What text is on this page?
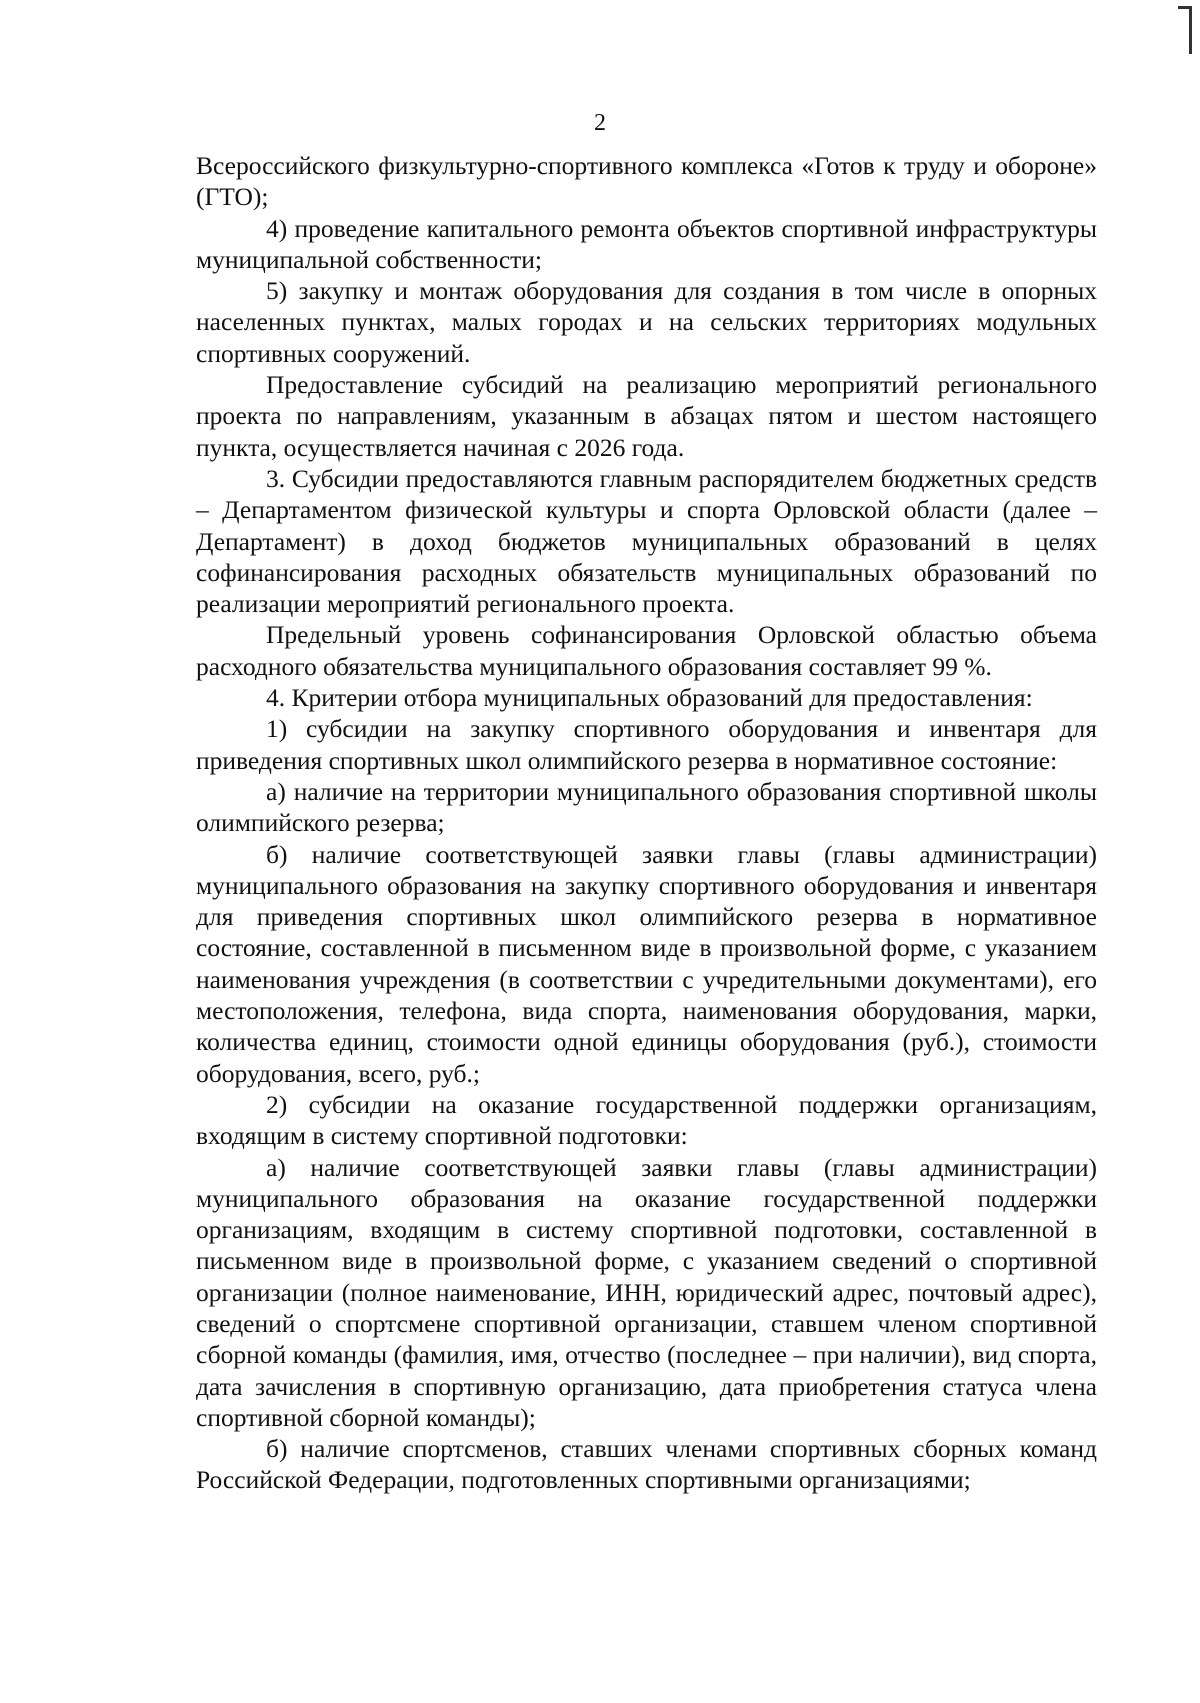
2

Всероссийского физкультурно-спортивного комплекса «Готов к труду и обороне» (ГТО);

4) проведение капитального ремонта объектов спортивной инфраструктуры муниципальной собственности;

5) закупку и монтаж оборудования для создания в том числе в опорных населенных пунктах, малых городах и на сельских территориях модульных спортивных сооружений.

Предоставление субсидий на реализацию мероприятий регионального проекта по направлениям, указанным в абзацах пятом и шестом настоящего пункта, осуществляется начиная с 2026 года.

3. Субсидии предоставляются главным распорядителем бюджетных средств – Департаментом физической культуры и спорта Орловской области (далее – Департамент) в доход бюджетов муниципальных образований в целях софинансирования расходных обязательств муниципальных образований по реализации мероприятий регионального проекта.

Предельный уровень софинансирования Орловской областью объема расходного обязательства муниципального образования составляет 99 %.

4. Критерии отбора муниципальных образований для предоставления:

1) субсидии на закупку спортивного оборудования и инвентаря для приведения спортивных школ олимпийского резерва в нормативное состояние:

а) наличие на территории муниципального образования спортивной школы олимпийского резерва;

б) наличие соответствующей заявки главы (главы администрации) муниципального образования на закупку спортивного оборудования и инвентаря для приведения спортивных школ олимпийского резерва в нормативное состояние, составленной в письменном виде в произвольной форме, с указанием наименования учреждения (в соответствии с учредительными документами), его местоположения, телефона, вида спорта, наименования оборудования, марки, количества единиц, стоимости одной единицы оборудования (руб.), стоимости оборудования, всего, руб.;

2) субсидии на оказание государственной поддержки организациям, входящим в систему спортивной подготовки:

а) наличие соответствующей заявки главы (главы администрации) муниципального образования на оказание государственной поддержки организациям, входящим в систему спортивной подготовки, составленной в письменном виде в произвольной форме, с указанием сведений о спортивной организации (полное наименование, ИНН, юридический адрес, почтовый адрес), сведений о спортсмене спортивной организации, ставшем членом спортивной сборной команды (фамилия, имя, отчество (последнее – при наличии), вид спорта, дата зачисления в спортивную организацию, дата приобретения статуса члена спортивной сборной команды);

б) наличие спортсменов, ставших членами спортивных сборных команд Российской Федерации, подготовленных спортивными организациями;
